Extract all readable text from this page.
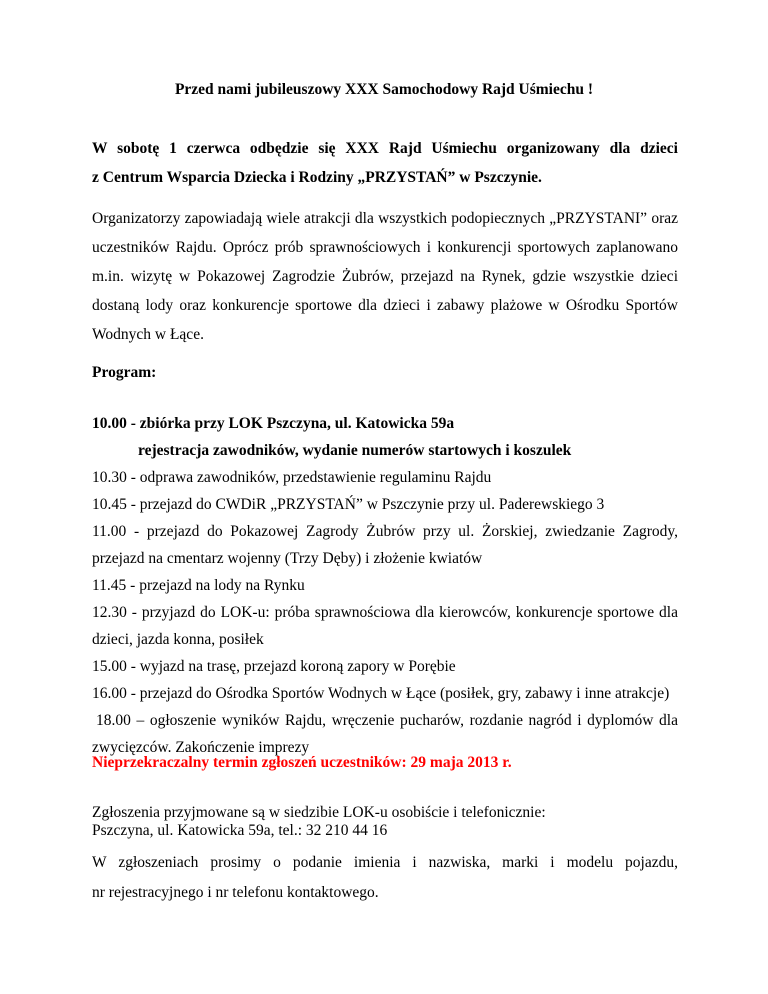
Przed nami jubileuszowy XXX Samochodowy Rajd Uśmiechu !
W sobotę 1 czerwca odbędzie się XXX Rajd Uśmiechu organizowany dla dzieci
z Centrum Wsparcia Dziecka i Rodziny „PRZYSTAŃ” w Pszczynie.
Organizatorzy zapowiadają wiele atrakcji dla wszystkich podopiecznych „PRZYSTANI” oraz
uczestników Rajdu. Oprócz prób sprawnościowych i konkurencji sportowych zaplanowano
m.in. wizytę w Pokazowej Zagrodzie Żubrów, przejazd na Rynek, gdzie wszystkie dzieci
dostaną lody oraz konkurencje sportowe dla dzieci i zabawy plażowe w Ośrodku Sportów
Wodnych w Łące.
Program:
10.00 - zbiórka przy LOK Pszczyna, ul. Katowicka 59a
rejestracja zawodników, wydanie numerów startowych i koszulek
10.30 - odprawa zawodników, przedstawienie regulaminu Rajdu
10.45 - przejazd do CWDiR „PRZYSTAŃ” w Pszczynie przy ul. Paderewskiego 3
11.00 - przejazd do Pokazowej Zagrody Żubrów przy ul. Żorskiej, zwiedzanie Zagrody,
przejazd na cmentarz wojenny (Trzy Dęby) i złożenie kwiatów
11.45 - przejazd na lody na Rynku
12.30 - przyjazd do LOK-u: próba sprawnościowa dla kierowców, konkurencje sportowe dla
dzieci, jazda konna, posiłek
15.00 - wyjazd na trasę, przejazd koroną zapory w Porębie
16.00 - przejazd do Ośrodka Sportów Wodnych w Łące (posiłek, gry, zabawy i inne atrakcje)
18.00 – ogłoszenie wyników Rajdu, wręczenie pucharów, rozdanie nagród i dyplomów dla
zwycięzców. Zakończenie imprezy
Nieprzekraczalny termin zgłoszeń uczestników: 29 maja 2013 r.
Zgłoszenia przyjmowane są w siedzibie LOK-u osobiście i telefonicznie:
Pszczyna, ul. Katowicka 59a, tel.: 32 210 44 16
W zgłoszeniach prosimy o podanie imienia i nazwiska, marki i modelu pojazdu,
nr rejestracyjnego i nr telefonu kontaktowego.
